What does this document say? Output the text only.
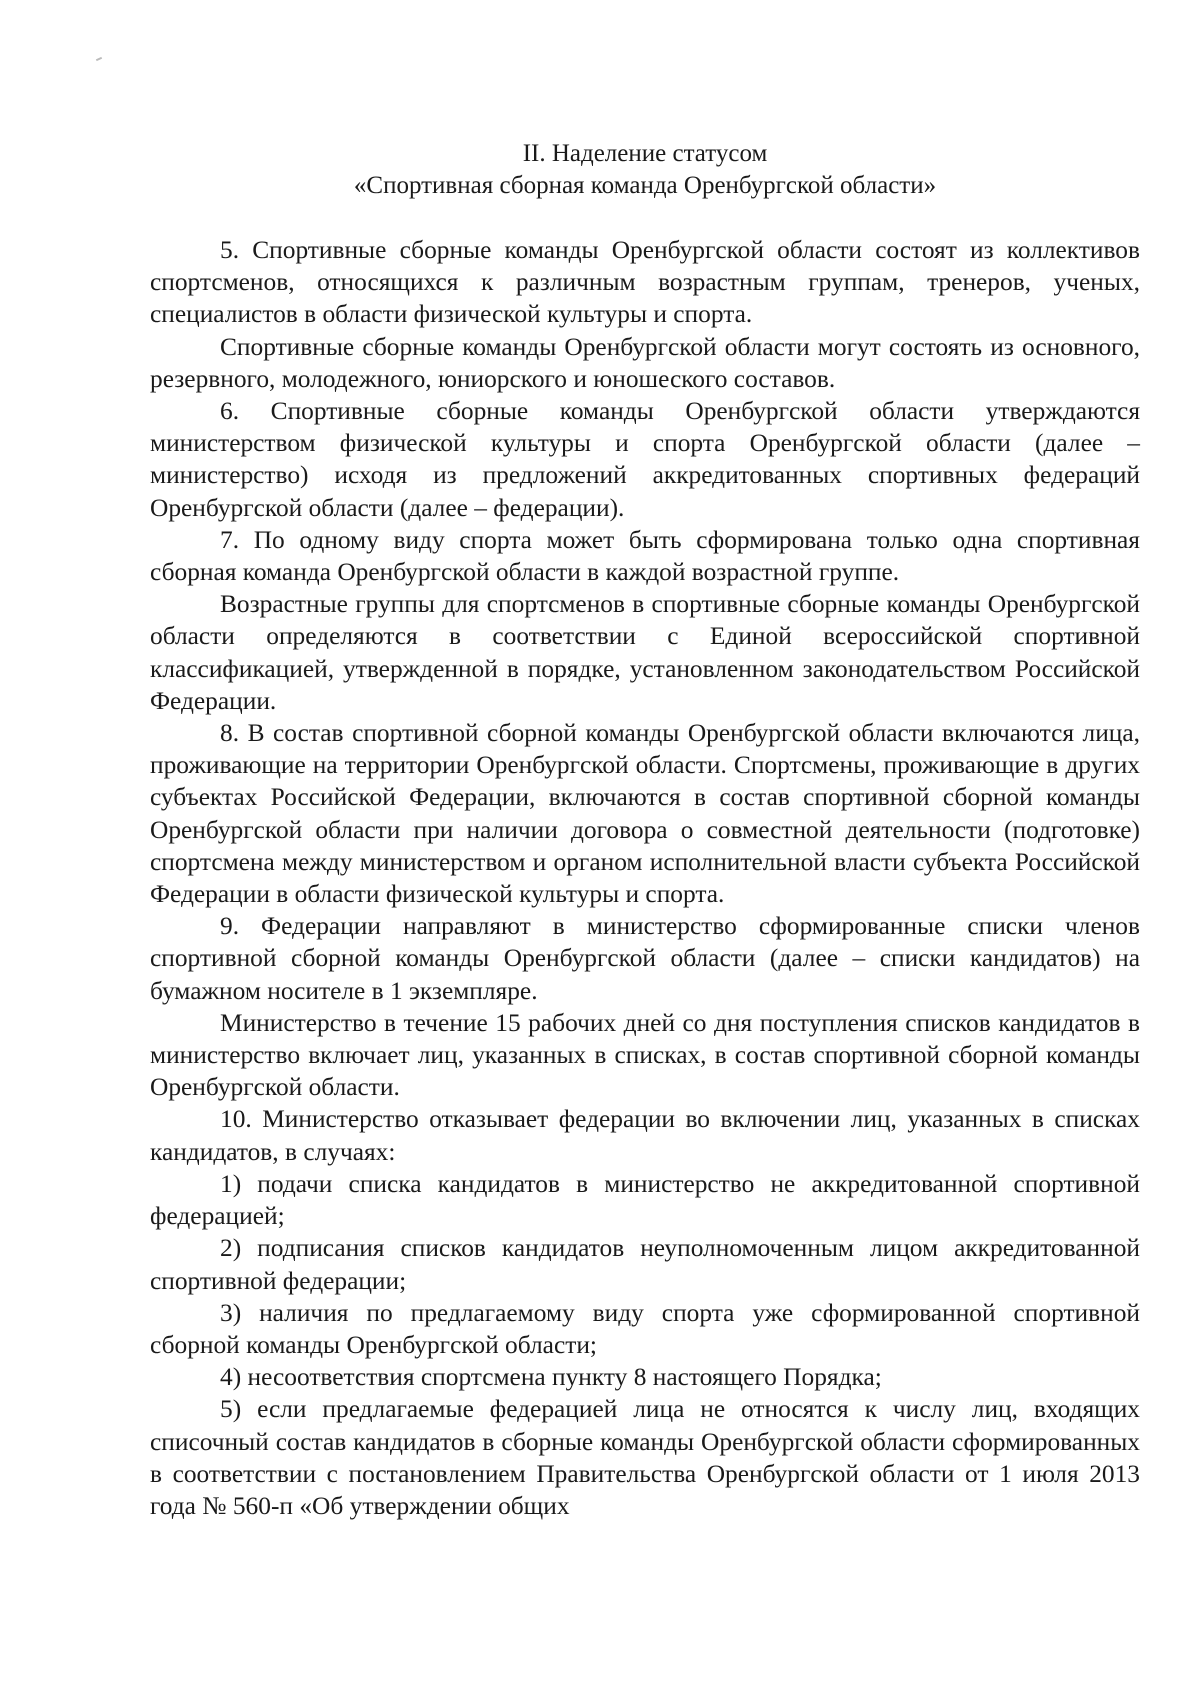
II. Наделение статусом
«Спортивная сборная команда Оренбургской области»

5. Спортивные сборные команды Оренбургской области состоят из коллективов спортсменов, относящихся к различным возрастным группам, тренеров, ученых, специалистов в области физической культуры и спорта.

Спортивные сборные команды Оренбургской области могут состоять из основного, резервного, молодежного, юниорского и юношеского составов.

6. Спортивные сборные команды Оренбургской области утверждаются министерством физической культуры и спорта Оренбургской области (далее – министерство) исходя из предложений аккредитованных спортивных федераций Оренбургской области (далее – федерации).

7. По одному виду спорта может быть сформирована только одна спортивная сборная команда Оренбургской области в каждой возрастной группе.

Возрастные группы для спортсменов в спортивные сборные команды Оренбургской области определяются в соответствии с Единой всероссийской спортивной классификацией, утвержденной в порядке, установленном законодательством Российской Федерации.

8. В состав спортивной сборной команды Оренбургской области включаются лица, проживающие на территории Оренбургской области. Спортсмены, проживающие в других субъектах Российской Федерации, включаются в состав спортивной сборной команды Оренбургской области при наличии договора о совместной деятельности (подготовке) спортсмена между министерством и органом исполнительной власти субъекта Российской Федерации в области физической культуры и спорта.

9. Федерации направляют в министерство сформированные списки членов спортивной сборной команды Оренбургской области (далее – списки кандидатов) на бумажном носителе в 1 экземпляре.

Министерство в течение 15 рабочих дней со дня поступления списков кандидатов в министерство включает лиц, указанных в списках, в состав спортивной сборной команды Оренбургской области.

10. Министерство отказывает федерации во включении лиц, указанных в списках кандидатов, в случаях:

1) подачи списка кандидатов в министерство не аккредитованной спортивной федерацией;

2) подписания списков кандидатов неуполномоченным лицом аккредитованной спортивной федерации;

3) наличия по предлагаемому виду спорта уже сформированной спортивной сборной команды Оренбургской области;

4) несоответствия спортсмена пункту 8 настоящего Порядка;

5) если предлагаемые федерацией лица не относятся к числу лиц, входящих списочный состав кандидатов в сборные команды Оренбургской области сформированных в соответствии с постановлением Правительства Оренбургской области от 1 июля 2013 года № 560-п «Об утверждении общих
